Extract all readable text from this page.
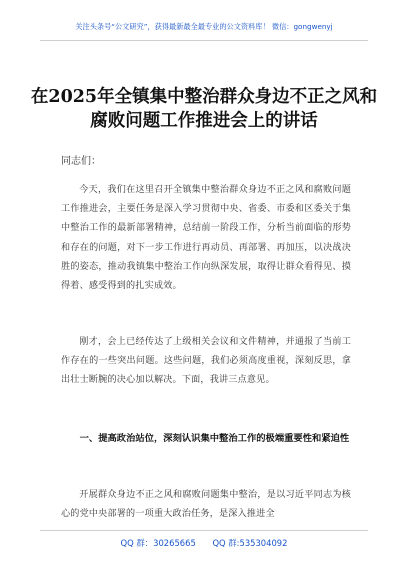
关注头条号“公文研究”，获得最新最全最专业的公文资料库！ 微信：gongwenyj
在2025年全镇集中整治群众身边不正之风和腐败问题工作推进会上的讲话
同志们：
今天，我们在这里召开全镇集中整治群众身边不正之风和腐败问题工作推进会，主要任务是深入学习贯彻中央、省委、市委和区委关于集中整治工作的最新部署精神，总结前一阶段工作，分析当前面临的形势和存在的问题，对下一步工作进行再动员、再部署、再加压，以决战决胜的姿态，推动我镇集中整治工作向纵深发展，取得让群众看得见、摸得着、感受得到的扎实成效。
刚才，会上已经传达了上级相关会议和文件精神，并通报了当前工作存在的一些突出问题。这些问题，我们必须高度重视，深刻反思，拿出壮士断腕的决心加以解决。下面，我讲三点意见。
一、提高政治站位，深刻认识集中整治工作的极端重要性和紧迫性
开展群众身边不正之风和腐败问题集中整治，是以习近平同志为核心的党中央部署的一项重大政治任务，是深入推进全
QQ 群：30265665 QQ 群:535304092
